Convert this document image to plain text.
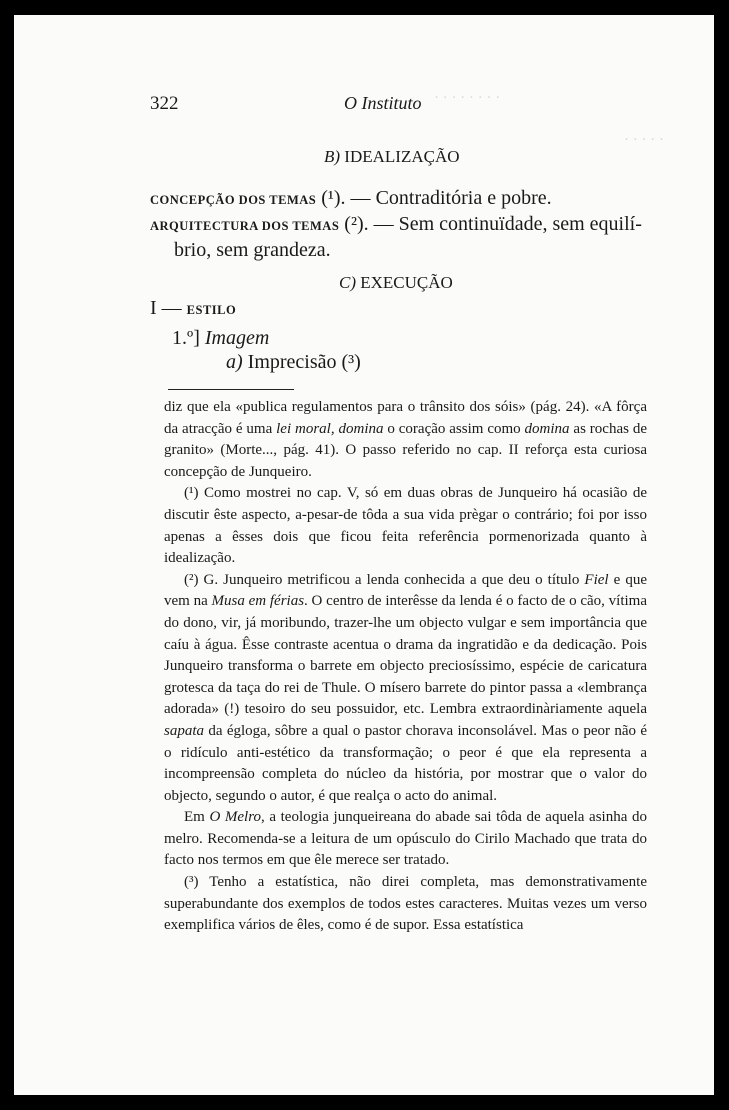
· · · · · · · ·
· · · · ·
322	O Instituto
B) IDEALIZAÇÃO
CONCEPÇÃO DOS TEMAS (¹). — Contraditória e pobre.
ARQUITECTURA DOS TEMAS (²). — Sem continuïdade, sem equilí-
brio, sem grandeza.
C) EXECUÇÃO
I — ESTILO
1.º] Imagem
a) Imprecisão (³)

diz que ela «publica regulamentos para o trânsito dos sóis» (pág. 24). «A fôrça da atracção é uma lei moral, domina o coração assim como domina as rochas de granito» (Morte..., pág. 41). O passo referido no cap. II reforça esta curiosa concepção de Junqueiro.

(¹) Como mostrei no cap. V, só em duas obras de Junqueiro há ocasião de discutir êste aspecto, a-pesar-de tôda a sua vida prègar o contrário; foi por isso apenas a êsses dois que ficou feita referência pormenorizada quanto à idealização.

(²) G. Junqueiro metrificou a lenda conhecida a que deu o título Fiel e que vem na Musa em férias. O centro de interêsse da lenda é o facto de o cão, vítima do dono, vir, já moribundo, trazer-lhe um objecto vulgar e sem importância que caíu à água. Êsse contraste acentua o drama da ingratidão e da dedicação. Pois Junqueiro transforma o barrete em objecto preciosíssimo, espécie de caricatura grotesca da taça do rei de Thule. O mísero barrete do pintor passa a «lembrança adorada» (!) tesoiro do seu possuidor, etc. Lembra extraordinàriamente aquela sapata da égloga, sôbre a qual o pastor chorava inconsolável. Mas o peor não é o ridículo anti-estético da transformação; o peor é que ela representa a incompreensão completa do núcleo da história, por mostrar que o valor do objecto, segundo o autor, é que realça o acto do animal.

Em O Melro, a teologia junqueireana do abade sai tôda de aquela asinha do melro. Recomenda-se a leitura de um opúsculo do Cirilo Machado que trata do facto nos termos em que êle merece ser tratado.

(³) Tenho a estatística, não direi completa, mas demonstrativamente superabundante dos exemplos de todos estes caracteres. Muitas vezes um verso exemplifica vários de êles, como é de supor. Essa estatística
